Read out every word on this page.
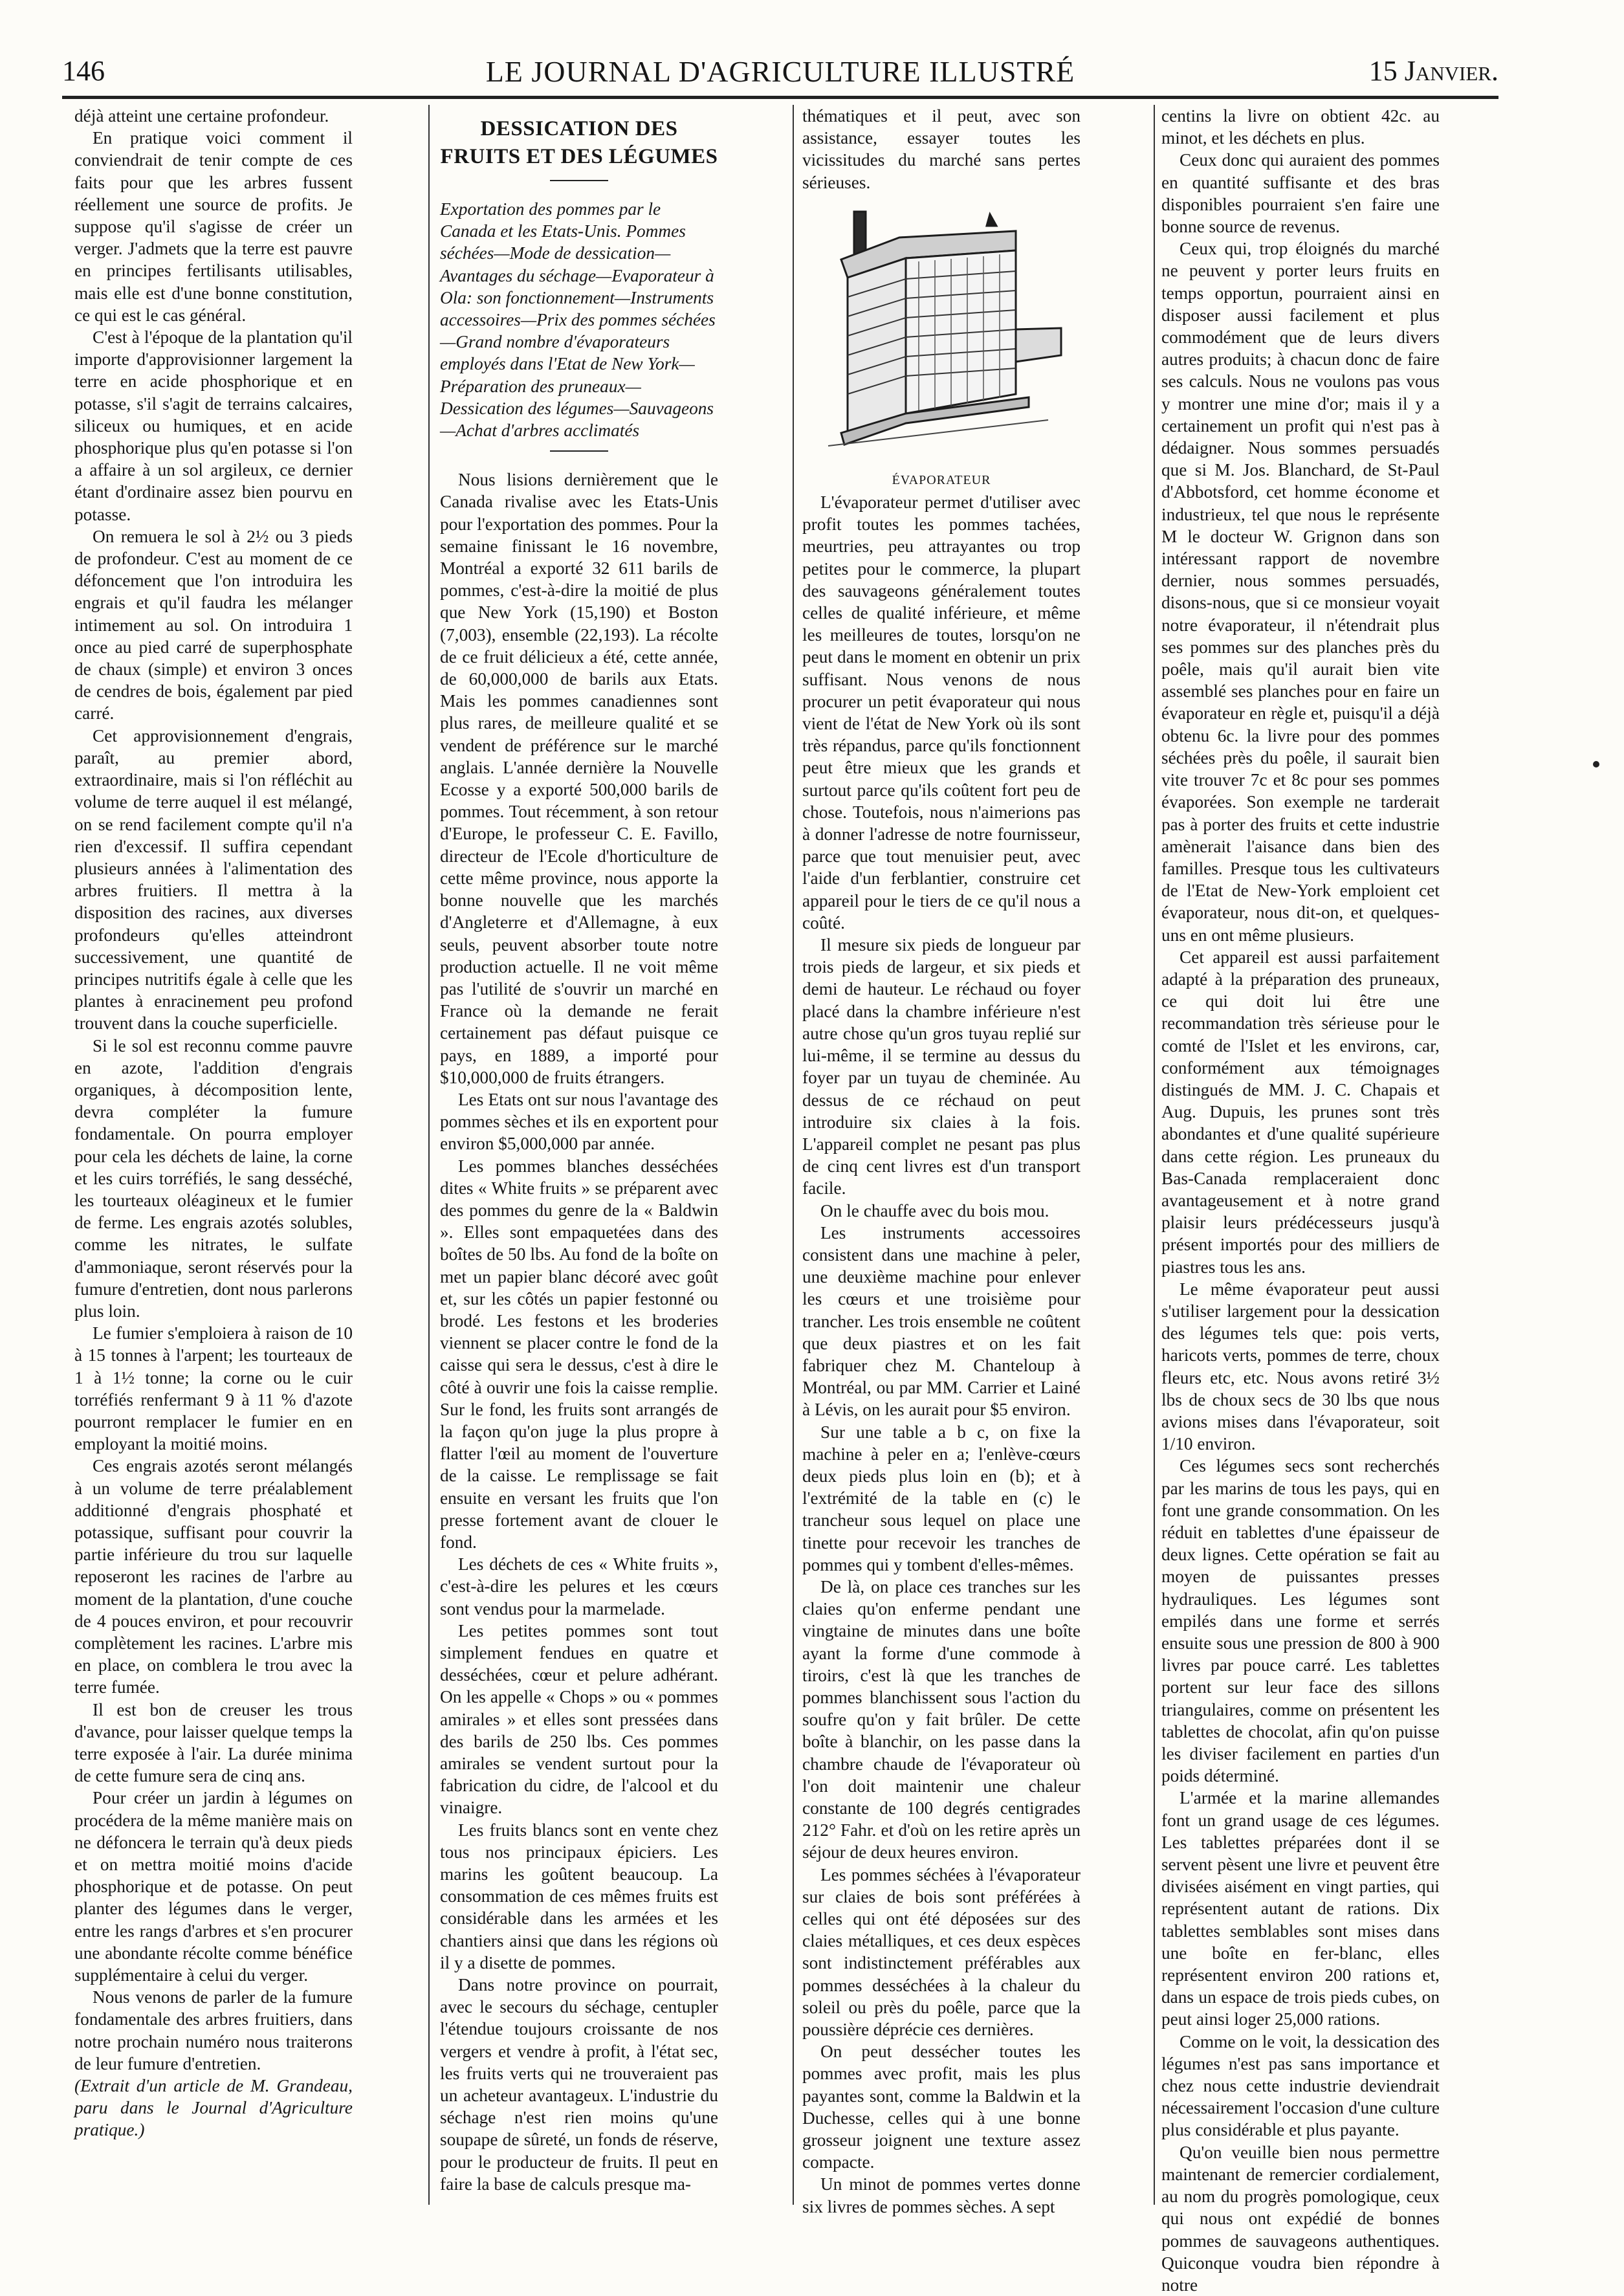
146	LE JOURNAL D'AGRICULTURE ILLUSTRÉ	15 Janvier.

déjà atteint une certaine profondeur.

En pratique voici comment il conviendrait de tenir compte de ces faits pour que les arbres fussent réellement une source de profits. Je suppose qu'il s'agisse de créer un verger. J'admets que la terre est pauvre en principes fertilisants utilisables, mais elle est d'une bonne constitution, ce qui est le cas général.

C'est à l'époque de la plantation qu'il importe d'approvisionner largement la terre en acide phosphorique et en potasse, s'il s'agit de terrains calcaires, siliceux ou humiques, et en acide phosphorique plus qu'en potasse si l'on a affaire à un sol argileux, ce dernier étant d'ordinaire assez bien pourvu en potasse.

On remuera le sol à 2½ ou 3 pieds de profondeur. C'est au moment de ce défoncement que l'on introduira les engrais et qu'il faudra les mélanger intimement au sol. On introduira 1 once au pied carré de superphosphate de chaux (simple) et environ 3 onces de cendres de bois, également par pied carré.

Cet approvisionnement d'engrais, paraît, au premier abord, extraordinaire, mais si l'on réfléchit au volume de terre auquel il est mélangé, on se rend facilement compte qu'il n'a rien d'excessif. Il suffira cependant plusieurs années à l'alimentation des arbres fruitiers. Il mettra à la disposition des racines, aux diverses profondeurs qu'elles atteindront successivement, une quantité de principes nutritifs égale à celle que les plantes à enracinement peu profond trouvent dans la couche superficielle.

Si le sol est reconnu comme pauvre en azote, l'addition d'engrais organiques, à décomposition lente, devra compléter la fumure fondamentale. On pourra employer pour cela les déchets de laine, la corne et les cuirs torréfiés, le sang desséché, les tourteaux oléagineux et le fumier de ferme. Les engrais azotés solubles, comme les nitrates, le sulfate d'ammoniaque, seront réservés pour la fumure d'entretien, dont nous parlerons plus loin.

Le fumier s'emploiera à raison de 10 à 15 tonnes à l'arpent; les tourteaux de 1 à 1½ tonne; la corne ou le cuir torréfiés renfermant 9 à 11 % d'azote pourront remplacer le fumier en en employant la moitié moins.

Ces engrais azotés seront mélangés à un volume de terre préalablement additionné d'engrais phosphaté et potassique, suffisant pour couvrir la partie inférieure du trou sur laquelle reposeront les racines de l'arbre au moment de la plantation, d'une couche de 4 pouces environ, et pour recouvrir complètement les racines. L'arbre mis en place, on comblera le trou avec la terre fumée.

Il est bon de creuser les trous d'avance, pour laisser quelque temps la terre exposée à l'air. La durée minima de cette fumure sera de cinq ans.

Pour créer un jardin à légumes on procédera de la même manière mais on ne défoncera le terrain qu'à deux pieds et on mettra moitié moins d'acide phosphorique et de potasse. On peut planter des légumes dans le verger, entre les rangs d'arbres et s'en procurer une abondante récolte comme bénéfice supplémentaire à celui du verger.

Nous venons de parler de la fumure fondamentale des arbres fruitiers, dans notre prochain numéro nous traiterons de leur fumure d'entretien.

(Extrait d'un article de M. Grandeau, paru dans le Journal d'Agriculture pratique.)

DESSICATION DES FRUITS ET DES LÉGUMES

Exportation des pommes par le Canada et les Etats-Unis. Pommes séchées—Mode de dessication—Avantages du séchage—Evaporateur à Ola: son fonctionnement—Instruments accessoires—Prix des pommes séchées—Grand nombre d'évaporateurs employés dans l'Etat de New York—Préparation des pruneaux—Dessication des légumes—Sauvageons—Achat d'arbres acclimatés

Nous lisions dernièrement que le Canada rivalise avec les Etats-Unis pour l'exportation des pommes. Pour la semaine finissant le 16 novembre, Montréal a exporté 32 611 barils de pommes, c'est-à-dire la moitié de plus que New York (15,190) et Boston (7,003), ensemble (22,193). La récolte de ce fruit délicieux a été, cette année, de 60,000,000 de barils aux Etats. Mais les pommes canadiennes sont plus rares, de meilleure qualité et se vendent de préférence sur le marché anglais. L'année dernière la Nouvelle Ecosse y a exporté 500,000 barils de pommes. Tout récemment, à son retour d'Europe, le professeur C. E. Favillo, directeur de l'Ecole d'horticulture de cette même province, nous apporte la bonne nouvelle que les marchés d'Angleterre et d'Allemagne, à eux seuls, peuvent absorber toute notre production actuelle. Il ne voit même pas l'utilité de s'ouvrir un marché en France où la demande ne ferait certainement pas défaut puisque ce pays, en 1889, a importé pour $10,000,000 de fruits étrangers.

Les Etats ont sur nous l'avantage des pommes sèches et ils en exportent pour environ $5,000,000 par année.

Les pommes blanches desséchées dites « White fruits » se préparent avec des pommes du genre de la « Baldwin ». Elles sont empaquetées dans des boîtes de 50 lbs. Au fond de la boîte on met un papier blanc décoré avec goût et, sur les côtés un papier festonné ou brodé. Les festons et les broderies viennent se placer contre le fond de la caisse qui sera le dessus, c'est à dire le côté à ouvrir une fois la caisse remplie. Sur le fond, les fruits sont arrangés de la façon qu'on juge la plus propre à flatter l'œil au moment de l'ouverture de la caisse. Le remplissage se fait ensuite en versant les fruits que l'on presse fortement avant de clouer le fond.

Les déchets de ces « White fruits », c'est-à-dire les pelures et les cœurs sont vendus pour la marmelade.

Les petites pommes sont tout simplement fendues en quatre et desséchées, cœur et pelure adhérant. On les appelle « Chops » ou « pommes amirales » et elles sont pressées dans des barils de 250 lbs. Ces pommes amirales se vendent surtout pour la fabrication du cidre, de l'alcool et du vinaigre.

Les fruits blancs sont en vente chez tous nos principaux épiciers. Les marins les goûtent beaucoup. La consommation de ces mêmes fruits est considérable dans les armées et les chantiers ainsi que dans les régions où il y a disette de pommes.

Dans notre province on pourrait, avec le secours du séchage, centupler l'étendue toujours croissante de nos vergers et vendre à profit, à l'état sec, les fruits verts qui ne trouveraient pas un acheteur avantageux. L'industrie du séchage n'est rien moins qu'une soupape de sûreté, un fonds de réserve, pour le producteur de fruits. Il peut en faire la base de calculs presque ma-

thématiques et il peut, avec son assistance, essayer toutes les vicissitudes du marché sans pertes sérieuses.

ÉVAPORATEUR

L'évaporateur permet d'utiliser avec profit toutes les pommes tachées, meurtries, peu attrayantes ou trop petites pour le commerce, la plupart des sauvageons généralement toutes celles de qualité inférieure, et même les meilleures de toutes, lorsqu'on ne peut dans le moment en obtenir un prix suffisant. Nous venons de nous procurer un petit évaporateur qui nous vient de l'état de New York où ils sont très répandus, parce qu'ils fonctionnent peut être mieux que les grands et surtout parce qu'ils coûtent fort peu de chose. Toutefois, nous n'aimerions pas à donner l'adresse de notre fournisseur, parce que tout menuisier peut, avec l'aide d'un ferblantier, construire cet appareil pour le tiers de ce qu'il nous a coûté.

Il mesure six pieds de longueur par trois pieds de largeur, et six pieds et demi de hauteur. Le réchaud ou foyer placé dans la chambre inférieure n'est autre chose qu'un gros tuyau replié sur lui-même, il se termine au dessus du foyer par un tuyau de cheminée. Au dessus de ce réchaud on peut introduire six claies à la fois. L'appareil complet ne pesant pas plus de cinq cent livres est d'un transport facile.

On le chauffe avec du bois mou.

Les instruments accessoires consistent dans une machine à peler, une deuxième machine pour enlever les cœurs et une troisième pour trancher. Les trois ensemble ne coûtent que deux piastres et on les fait fabriquer chez M. Chanteloup à Montréal, ou par MM. Carrier et Lainé à Lévis, on les aurait pour $5 environ.

Sur une table a b c, on fixe la machine à peler en a; l'enlève-cœurs deux pieds plus loin en (b); et à l'extrémité de la table en (c) le trancheur sous lequel on place une tinette pour recevoir les tranches de pommes qui y tombent d'elles-mêmes.

De là, on place ces tranches sur les claies qu'on enferme pendant une vingtaine de minutes dans une boîte ayant la forme d'une commode à tiroirs, c'est là que les tranches de pommes blanchissent sous l'action du soufre qu'on y fait brûler. De cette boîte à blanchir, on les passe dans la chambre chaude de l'évaporateur où l'on doit maintenir une chaleur constante de 100 degrés centigrades 212° Fahr. et d'où on les retire après un séjour de deux heures environ.

Les pommes séchées à l'évaporateur sur claies de bois sont préférées à celles qui ont été déposées sur des claies métalliques, et ces deux espèces sont indistinctement préférables aux pommes desséchées à la chaleur du soleil ou près du poêle, parce que la poussière déprécie ces dernières.

On peut dessécher toutes les pommes avec profit, mais les plus payantes sont, comme la Baldwin et la Duchesse, celles qui à une bonne grosseur joignent une texture assez compacte.

Un minot de pommes vertes donne six livres de pommes sèches. A sept

centins la livre on obtient 42c. au minot, et les déchets en plus.

Ceux donc qui auraient des pommes en quantité suffisante et des bras disponibles pourraient s'en faire une bonne source de revenus.

Ceux qui, trop éloignés du marché ne peuvent y porter leurs fruits en temps opportun, pourraient ainsi en disposer aussi facilement et plus commodément que de leurs divers autres produits; à chacun donc de faire ses calculs. Nous ne voulons pas vous y montrer une mine d'or; mais il y a certainement un profit qui n'est pas à dédaigner. Nous sommes persuadés que si M. Jos. Blanchard, de St-Paul d'Abbotsford, cet homme économe et industrieux, tel que nous le représente M le docteur W. Grignon dans son intéressant rapport de novembre dernier, nous sommes persuadés, disons-nous, que si ce monsieur voyait notre évaporateur, il n'étendrait plus ses pommes sur des planches près du poêle, mais qu'il aurait bien vite assemblé ses planches pour en faire un évaporateur en règle et, puisqu'il a déjà obtenu 6c. la livre pour des pommes séchées près du poêle, il saurait bien vite trouver 7c et 8c pour ses pommes évaporées. Son exemple ne tarderait pas à porter des fruits et cette industrie amènerait l'aisance dans bien des familles. Presque tous les cultivateurs de l'Etat de New-York emploient cet évaporateur, nous dit-on, et quelques-uns en ont même plusieurs.

Cet appareil est aussi parfaitement adapté à la préparation des pruneaux, ce qui doit lui être une recommandation très sérieuse pour le comté de l'Islet et les environs, car, conformément aux témoignages distingués de MM. J. C. Chapais et Aug. Dupuis, les prunes sont très abondantes et d'une qualité supérieure dans cette région. Les pruneaux du Bas-Canada remplaceraient donc avantageusement et à notre grand plaisir leurs prédécesseurs jusqu'à présent importés pour des milliers de piastres tous les ans.

Le même évaporateur peut aussi s'utiliser largement pour la dessication des légumes tels que: pois verts, haricots verts, pommes de terre, choux fleurs etc, etc. Nous avons retiré 3½ lbs de choux secs de 30 lbs que nous avions mises dans l'évaporateur, soit 1/10 environ.

Ces légumes secs sont recherchés par les marins de tous les pays, qui en font une grande consommation. On les réduit en tablettes d'une épaisseur de deux lignes. Cette opération se fait au moyen de puissantes presses hydrauliques. Les légumes sont empilés dans une forme et serrés ensuite sous une pression de 800 à 900 livres par pouce carré. Les tablettes portent sur leur face des sillons triangulaires, comme on présentent les tablettes de chocolat, afin qu'on puisse les diviser facilement en parties d'un poids déterminé.

L'armée et la marine allemandes font un grand usage de ces légumes. Les tablettes préparées dont il se servent pèsent une livre et peuvent être divisées aisément en vingt parties, qui représentent autant de rations. Dix tablettes semblables sont mises dans une boîte en fer-blanc, elles représentent environ 200 rations et, dans un espace de trois pieds cubes, on peut ainsi loger 25,000 rations.

Comme on le voit, la dessication des légumes n'est pas sans importance et chez nous cette industrie deviendrait nécessairement l'occasion d'une culture plus considérable et plus payante.

Qu'on veuille bien nous permettre maintenant de remercier cordialement, au nom du progrès pomologique, ceux qui nous ont expédié de bonnes pommes de sauvageons authentiques. Quiconque voudra bien répondre à notre
